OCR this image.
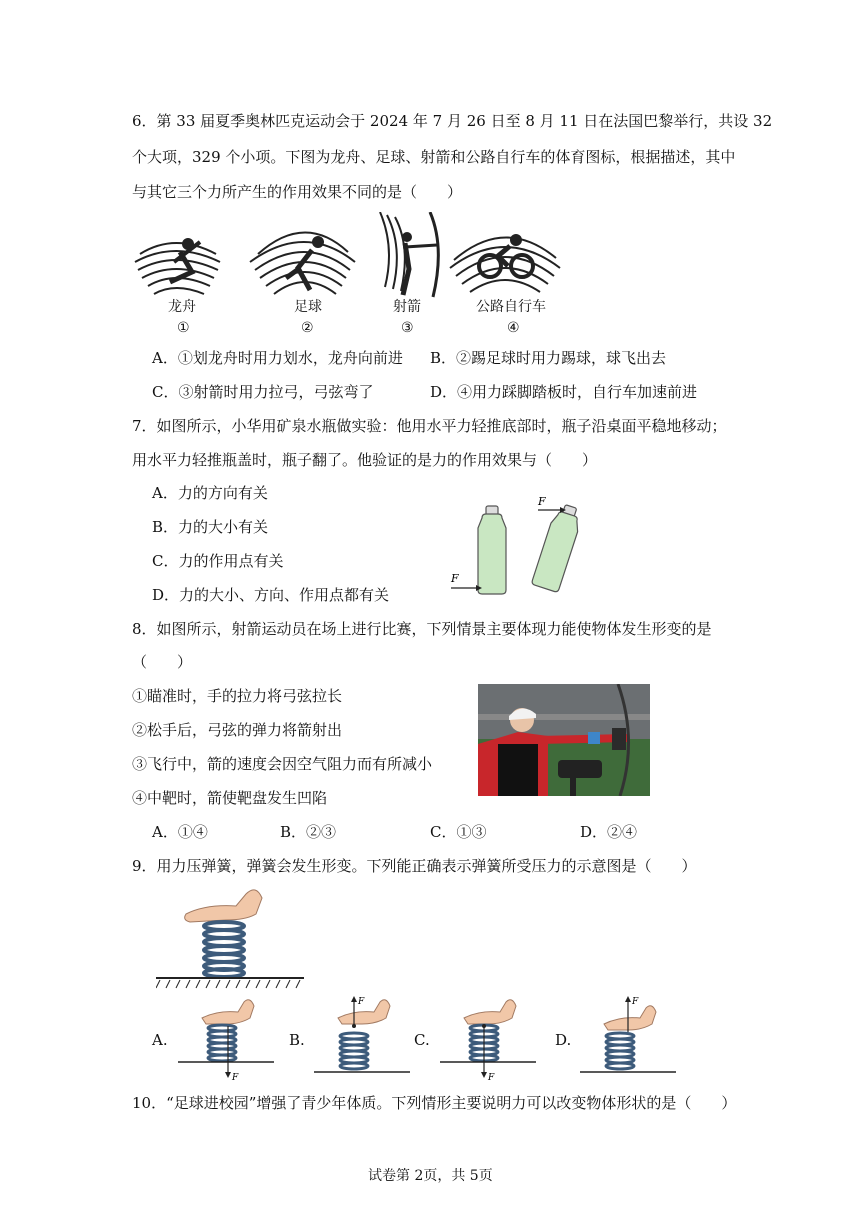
6．第 33 届夏季奥林匹克运动会于 2024 年 7 月 26 日至 8 月 11 日在法国巴黎举行，共设 32
个大项，329 个小项。下图为龙舟、足球、射箭和公路自行车的体育图标，根据描述，其中
与其它三个力所产生的作用效果不同的是（　　）
龙舟	足球	射箭	公路自行车
①	②	③	④
A．①划龙舟时用力划水，龙舟向前进 B．②踢足球时用力踢球，球飞出去
C．③射箭时用力拉弓，弓弦弯了	D．④用力踩脚踏板时，自行车加速前进
7．如图所示，小华用矿泉水瓶做实验：他用水平力轻推底部时，瓶子沿桌面平稳地移动；
用水平力轻推瓶盖时，瓶子翻了。他验证的是力的作用效果与（　　）
A．力的方向有关
B．力的大小有关
C．力的作用点有关
D．力的大小、方向、作用点都有关
F
F
8．如图所示，射箭运动员在场上进行比赛，下列情景主要体现力能使物体发生形变的是
（　　）
①瞄准时，手的拉力将弓弦拉长
②松手后，弓弦的弹力将箭射出
③飞行中，箭的速度会因空气阻力而有所减小
④中靶时，箭使靶盘发生凹陷
A．①④	B．②③	C．①③	D．②④
9．用力压弹簧，弹簧会发生形变。下列能正确表示弹簧所受压力的示意图是（　　）
A.	B.	C.	D.
F
F
F
F
10．“足球进校园”增强了青少年体质。下列情形主要说明力可以改变物体形状的是（　　）
试卷第 2页，共 5页
